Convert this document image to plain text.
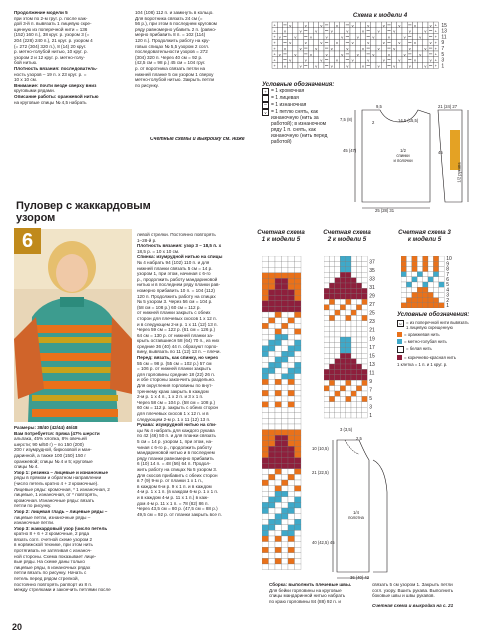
Продолжение модели 5
при этом по 2-м груг. р. после каж-
дой 3-й п. вывязать 1 лицевую скре-
щенную из поперечной нити = 136
(152) 160 п.), 38 круг. р. узором 3 (=
204 (228) 240 п.), 21 круг. р. узором 4
(= 272 (304) 320 п.), 8 (14) 20 круг.
р. метно-голубой нитью, 10 круг. р.
узором 2 и 12 круг. р. метно-голу-
бой нитью.
Плотность вязания: последователь-
ность узоров – 19 п. х 23 круг. р. =
10 х 10 см.
Внимание: почти везде сверху вниз
круговыми рядами.
Описание работы: оранжевой нитью
на круговые спицы № 4,5 набрать
104 (108) 112 п. и замкнуть в кольцо.
Для воротника связать 24 см (=
56 р.), при этом в последнем круговом
ряду равномерно убавить 2 п. (равно-
мерно прибавить 8 п. = 102 (114)
120 п.). Продолжить работу на кру-
говых спицах № 5,5 узором 2 согл.
последовательности узоров = 272
(304) 320 п. Через 40 см = 92 р.
(42,5 см = 98 р.) 45 см = 104 груг.
р. от воротника связать петли на
нижней планке 5 см узором 1 сверху
метно-голубой нитью. Закрыть петли
по рисунку.
Счетные схемы и выкройку см. ниже
Пуловер с жаккардовым
узором
6
Размеры: 38/40 (42/44) 46/48
Вам потребуется: пряжа (47% шерсти
альпака, 45% хлопка, 8% овечьей
шерсти; 90 м/50 г) – по 150 (200)
200 г изумрудной, бирюзовой и ман-
даринной, а также 100 (150) 150 г
оранжевой; спицы № 4 и 5; круговые
спицы № 4.
Узор 1: резинка – лицевые и изнаночные
ряды в прямом и обратном направлении
(число петель кратно 4 + 2 кромочные).
Лицевые ряды: кромочная, * 1 изнаночная, 2
лицевые, 1 изнаночная, от * повторять,
кромочная. Изнаночные ряды: вязать
петли по рисунку.
Узор 2: лицевая гладь – лицевые ряды –
лицевые петли, изнаночные ряды –
изнаночные петли.
Узор 3: жаккардовый узор (число петель
кратно 8 + 6 + 2 кромочные, 2 ряда
вязать согл. счетной схеме узором 2
в норвежской технике, при этом нить
протягивать не затягивая с изнаноч-
ной стороны. Схема показывает лице-
вые ряды. На схеме даны только
лицевые ряды, в изнаночных рядах
петли вязать по рисунку. Начать с
петель перед рядом стрелкой,
постоянно повторять раппорт из 8 п.
между стрелками и закончить петлями после
левой стрелки. Постоянно повторять
1–28-й р.
Плотность вязания: узор 3 – 18,5 п. х
18,5 р. = 10 х 10 см.
Спинка: изумрудной нитью на спицы
№ 4 набрать 94 (102) 110 п. и для
нижней планки связать 5 см = 14 р.
узором 1, при этом, начиная с 6-го
р., продолжить работу мандариновой
нитью и в последнем ряду планки рав-
номерно прибавить 10 п. = 104 (112)
120 п. Продолжить работу на спицах
№ 5 узором 3. Через 56 см = 104 р.
(58 см = 108 р.) 60 см = 112 р.
от нижней планки закрыть с обеих
сторон для плечевых скосов 1 х 12 п.
и в следующем 2-м р. 1 х 11 (12) 13 п.
Через 59 см = 122 р. (61 см = 126 р.)
64 см = 130 р. от нижней планки за-
крыть оставшиеся 58 (64) 70 п., из них
средние 36 (40) 44 п. образуют горло-
вину, вывязать по 11 (12) 13 п. – плечи.
Перед: вязать, как спинку, но через
55 см = 98 р. (55 см = 102 р.) 57 см
= 106 р. от нижней планки закрыть
для горловины средние 18 (22) 26 п.
и обе стороны закончить раздельно.
Для округления горловины по внут-
треннему краю закрыть в каждом
2-м р. 1 х 4 п., 1 х 2 п. и 3 х 1 п.
Через 58 см = 104 р. (58 см = 108 р.)
60 см = 112 р. закрыть с обеих сторон
для плечевых скосов 1 х 12 п. и в
следующем 2-м р. 1 х 11 (12) 13 п.
Рукава: изумрудной нитью на спи-
цы № 4 набрать для каждого рукава
по 42 (46) 50 п. и для планки связать
5 см = 14 р. узором 1, при этом, на-
чиная с 6-го р., продолжить работу
мандариновой нитью и в последнем
ряду планки равномерно прибавить
6 (10) 14 п. = 48 (56) 64 п. Продол-
жить работу на спицах № 5 узором 3.
Для скосов прибавить с обеих сторон
в 7 (9) 9-м р. от планки 1 х 1 п.,
в каждом 6-м р. 9 х 1 п. и в каждом
4-м р. 1 х 1 п. (в каждом 6-м р. 1 х 1 п.
и в каждом 4-м р. 11 х 1 п.) в каж-
дом 4-м р. 11 х 1 п. = 78 (82) 86 п.
Через 43,5 см = 80 р. (47,5 см = 88 р.)
49,5 см = 92 р. от планки закрыть все п.
Сборка: выполнить плечевые швы.
Для бейки горловины на круговые
спицы мандаринной нитью набрать
по краю горловины 84 (88) 92 п. и
связать 5 см узором 1. Закрыть петли
согл. узору. Вшить рукава. Выполнить
боковые швы и швы рукавов.
Счетная схема и выкройка на с. 21
20
Схема к модели 4
+	v	v	v	v	v	v	v	v	v	v +
+ v	v	v	v	v	v	v	v	v	v +
+ v	v	v	v	v	v	v	v	v	v	+
+	v	v	v	v	v	v	v	v	v	v +
+ v	v	v	v	v	v	v	v	v	v +
+ v	v	v	v	v	v	v	v	v	v	+
+	v	v	v	v	v	v	v	v	v	v +
+ v	v	v	v	v	v	v	v	v	v +
15
13
11
9
7
5
3
1
Условные обозначения:
+ = 1 кромочная
= 1 лицевая
– = 1 изнаночная
v = 1 петлю снять, как изнаночную (нить за работой); в изнаночном ряду 1 п. снять, как изнаночную (нить перед работой)
1/2
спинки
и полочки
25 (28) 31
45 (47)
7,5 (8)
9,5
2	14,5 (15,5)
21 (24) 27
45
1/2 рукава
Счетная схема 1 к модели 5
Счетная схема 2 к модели 5
Счетная схема 3 к модели 5
37
35
33
31
29
27
25
23
21
19
17
15
13
11
9
7
5
3
1
10
9
8
7
6
5
4
3
2
1
Условные обозначения:
ʋ	= из поперечной нити вывязать 1 лицевую скрещенную
= оранжевая нить
= метно-голубая нить
= белая нить
= коричнево-красная нить
1 клетка = 1 п. и 1 круг. р.
1/4
полотна
3 (3,5)
2,5
10 (10,5)
21 (22,5)
40 (42,5) 45
36 (40) 42
